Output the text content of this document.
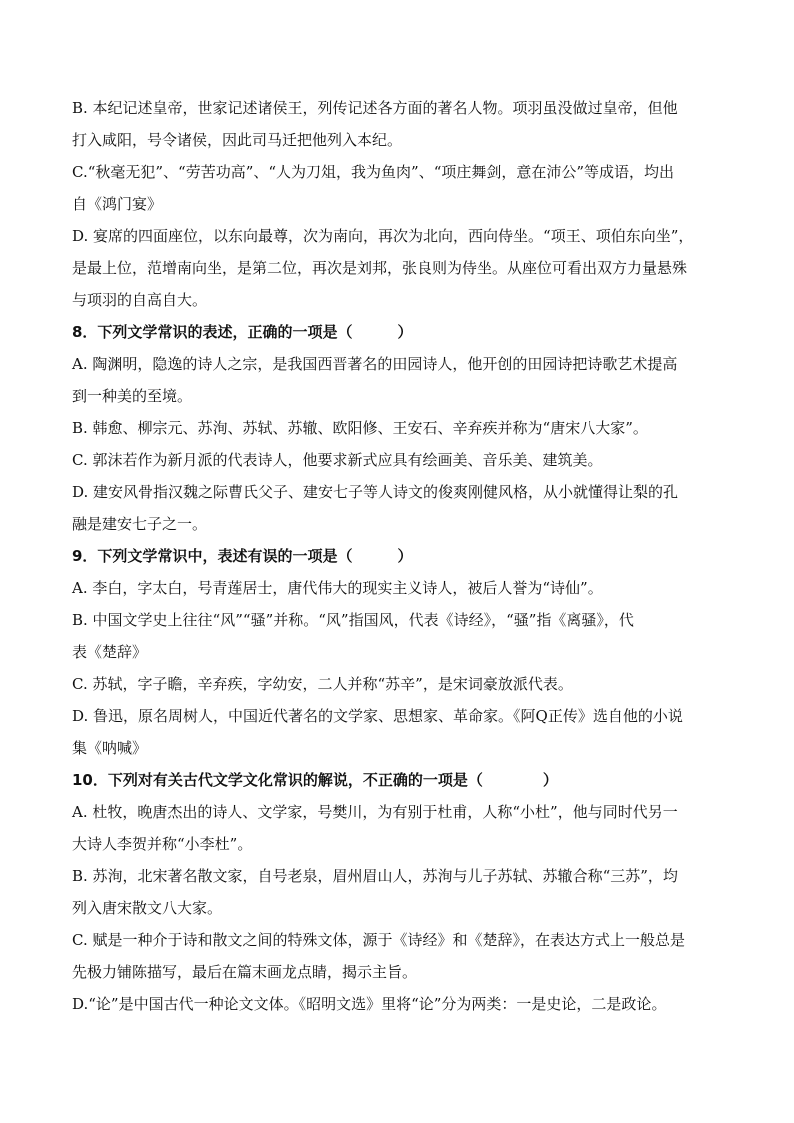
B. 本纪记述皇帝，世家记述诸侯王，列传记述各方面的著名人物。项羽虽没做过皇帝，但他
打入咸阳，号令诸侯，因此司马迁把他列入本纪。
C.“秋毫无犯”、“劳苦功高”、“人为刀俎，我为鱼肉”、“项庄舞剑，意在沛公”等成语，均出
自《鸿门宴》
D. 宴席的四面座位，以东向最尊，次为南向，再次为北向，西向侍坐。“项王、项伯东向坐”，
是最上位，范增南向坐，是第二位，再次是刘邦，张良则为侍坐。从座位可看出双方力量悬殊
与项羽的自高自大。
8．下列文学常识的表述，正确的一项是（　　　）
A. 陶渊明，隐逸的诗人之宗，是我国西晋著名的田园诗人，他开创的田园诗把诗歌艺术提高
到一种美的至境。
B. 韩愈、柳宗元、苏洵、苏轼、苏辙、欧阳修、王安石、辛弃疾并称为“唐宋八大家”。
C. 郭沫若作为新月派的代表诗人，他要求新式应具有绘画美、音乐美、建筑美。
D. 建安风骨指汉魏之际曹氏父子、建安七子等人诗文的俊爽刚健风格，从小就懂得让梨的孔
融是建安七子之一。
9．下列文学常识中，表述有误的一项是（　　　）
A. 李白，字太白，号青莲居士，唐代伟大的现实主义诗人，被后人誉为“诗仙”。
B. 中国文学史上往往“风”“骚”并称。“风”指国风，代表《诗经》，“骚”指《离骚》，代
表《楚辞》
C. 苏轼，字子瞻，辛弃疾，字幼安，二人并称“苏辛”，是宋词豪放派代表。
D. 鲁迅，原名周树人，中国近代著名的文学家、思想家、革命家。《阿Q正传》选自他的小说
集《呐喊》
10．下列对有关古代文学文化常识的解说，不正确的一项是（　　　　）
A. 杜牧，晚唐杰出的诗人、文学家，号樊川，为有别于杜甫，人称“小杜”，他与同时代另一
大诗人李贺并称“小李杜”。
B. 苏洵，北宋著名散文家，自号老泉，眉州眉山人，苏洵与儿子苏轼、苏辙合称“三苏”，均
列入唐宋散文八大家。
C. 赋是一种介于诗和散文之间的特殊文体，源于《诗经》和《楚辞》，在表达方式上一般总是
先极力铺陈描写，最后在篇末画龙点睛，揭示主旨。
D.“论”是中国古代一种论文文体。《昭明文选》里将“论”分为两类：一是史论，二是政论。
